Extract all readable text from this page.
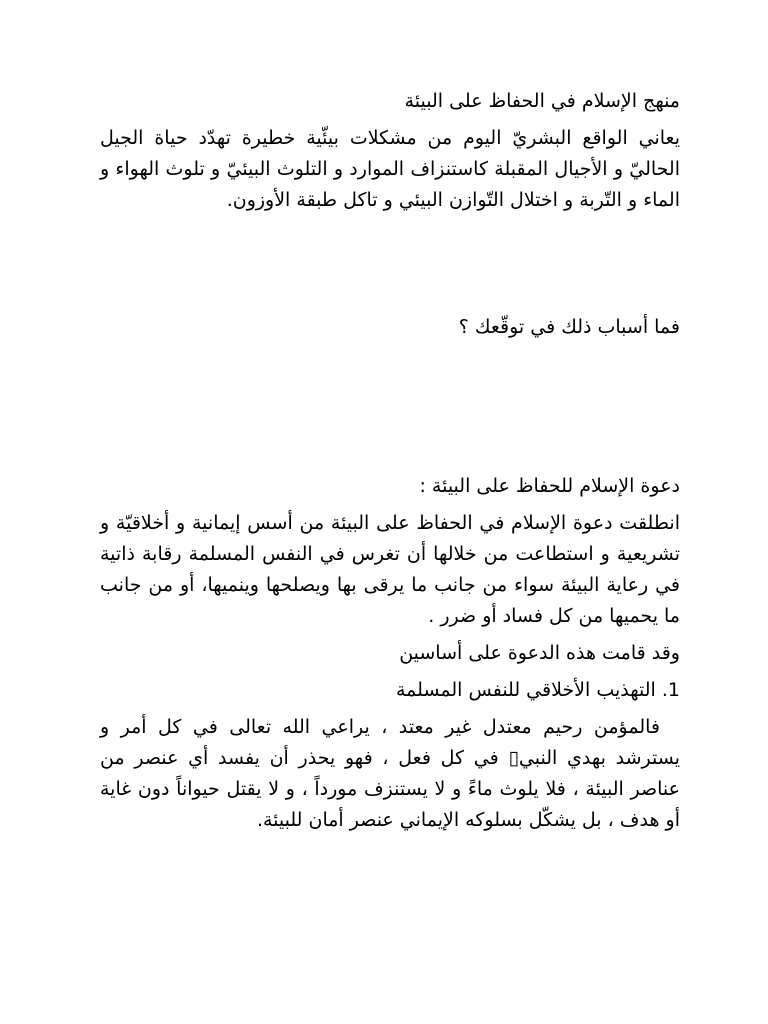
منهج الإسلام في الحفاظ على البيئة

يعاني الواقع البشريّ اليوم من مشكلات بيئّية خطيرة تهدّد حياة الجيل الحاليّ و الأجيال المقبلة كاستنزاف الموارد و التلوث البيئيّ و تلوث الهواء و الماء و التّربة و اختلال التّوازن البيئي و تاكل طبقة الأوزون.

فما أسباب ذلك في توقّعك ؟

دعوة الإسلام للحفاظ على البيئة :

انطلقت دعوة الإسلام في الحفاظ على البيئة من أسس إيمانية و أخلاقيّة و تشريعية و استطاعت من خلالها أن تغرس في النفس المسلمة رقابة ذاتية في رعاية البيئة سواء من جانب ما يرقى بها ويصلحها وينميها، أو من جانب ما يحميها من كل فساد أو ضرر .

وقد قامت هذه الدعوة على أساسين

1. التهذيب الأخلاقي للنفس المسلمة

فالمؤمن رحيم معتدل غير معتد ، يراعي الله تعالى في كل أمر و يسترشد بهدي النبي▯ في كل فعل ، فهو يحذر أن يفسد أي عنصر من عناصر البيئة ، فلا يلوث ماءً و لا يستنزف مورداً ، و لا يقتل حيواناً دون غاية أو هدف ، بل يشكّل بسلوكه الإيماني عنصر أمان للبيئة.
